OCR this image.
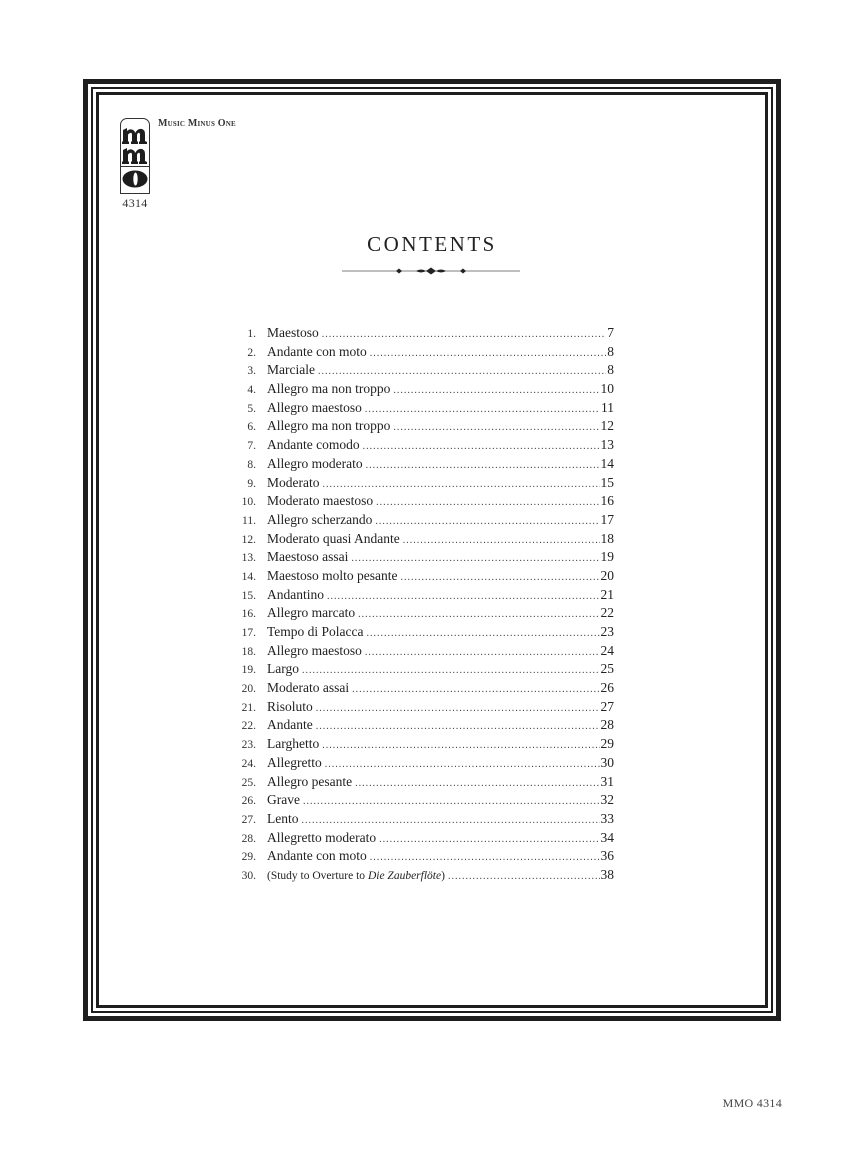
4314
Music Minus One
CONTENTS
1. Maestoso .....	7
2. Andante con moto .....	8
3. Marciale .....	8
4. Allegro ma non troppo .....	10
5. Allegro maestoso .....	11
6. Allegro ma non troppo .....	12
7. Andante comodo .....	13
8. Allegro moderato .....	14
9. Moderato .....	15
10. Moderato maestoso .....	16
11. Allegro scherzando .....	17
12. Moderato quasi Andante .....	18
13. Maestoso assai .....	19
14. Maestoso molto pesante .....	20
15. Andantino .....	21
16. Allegro marcato .....	22
17. Tempo di Polacca .....	23
18. Allegro maestoso .....	24
19. Largo .....	25
20. Moderato assai .....	26
21. Risoluto .....	27
22. Andante .....	28
23. Larghetto .....	29
24. Allegretto .....	30
25. Allegro pesante .....	31
26. Grave .....	32
27. Lento .....	33
28. Allegretto moderato .....	34
29. Andante con moto .....	36
30. (Study to Overture to Die Zauberflöte) .....	38
MMO 4314
